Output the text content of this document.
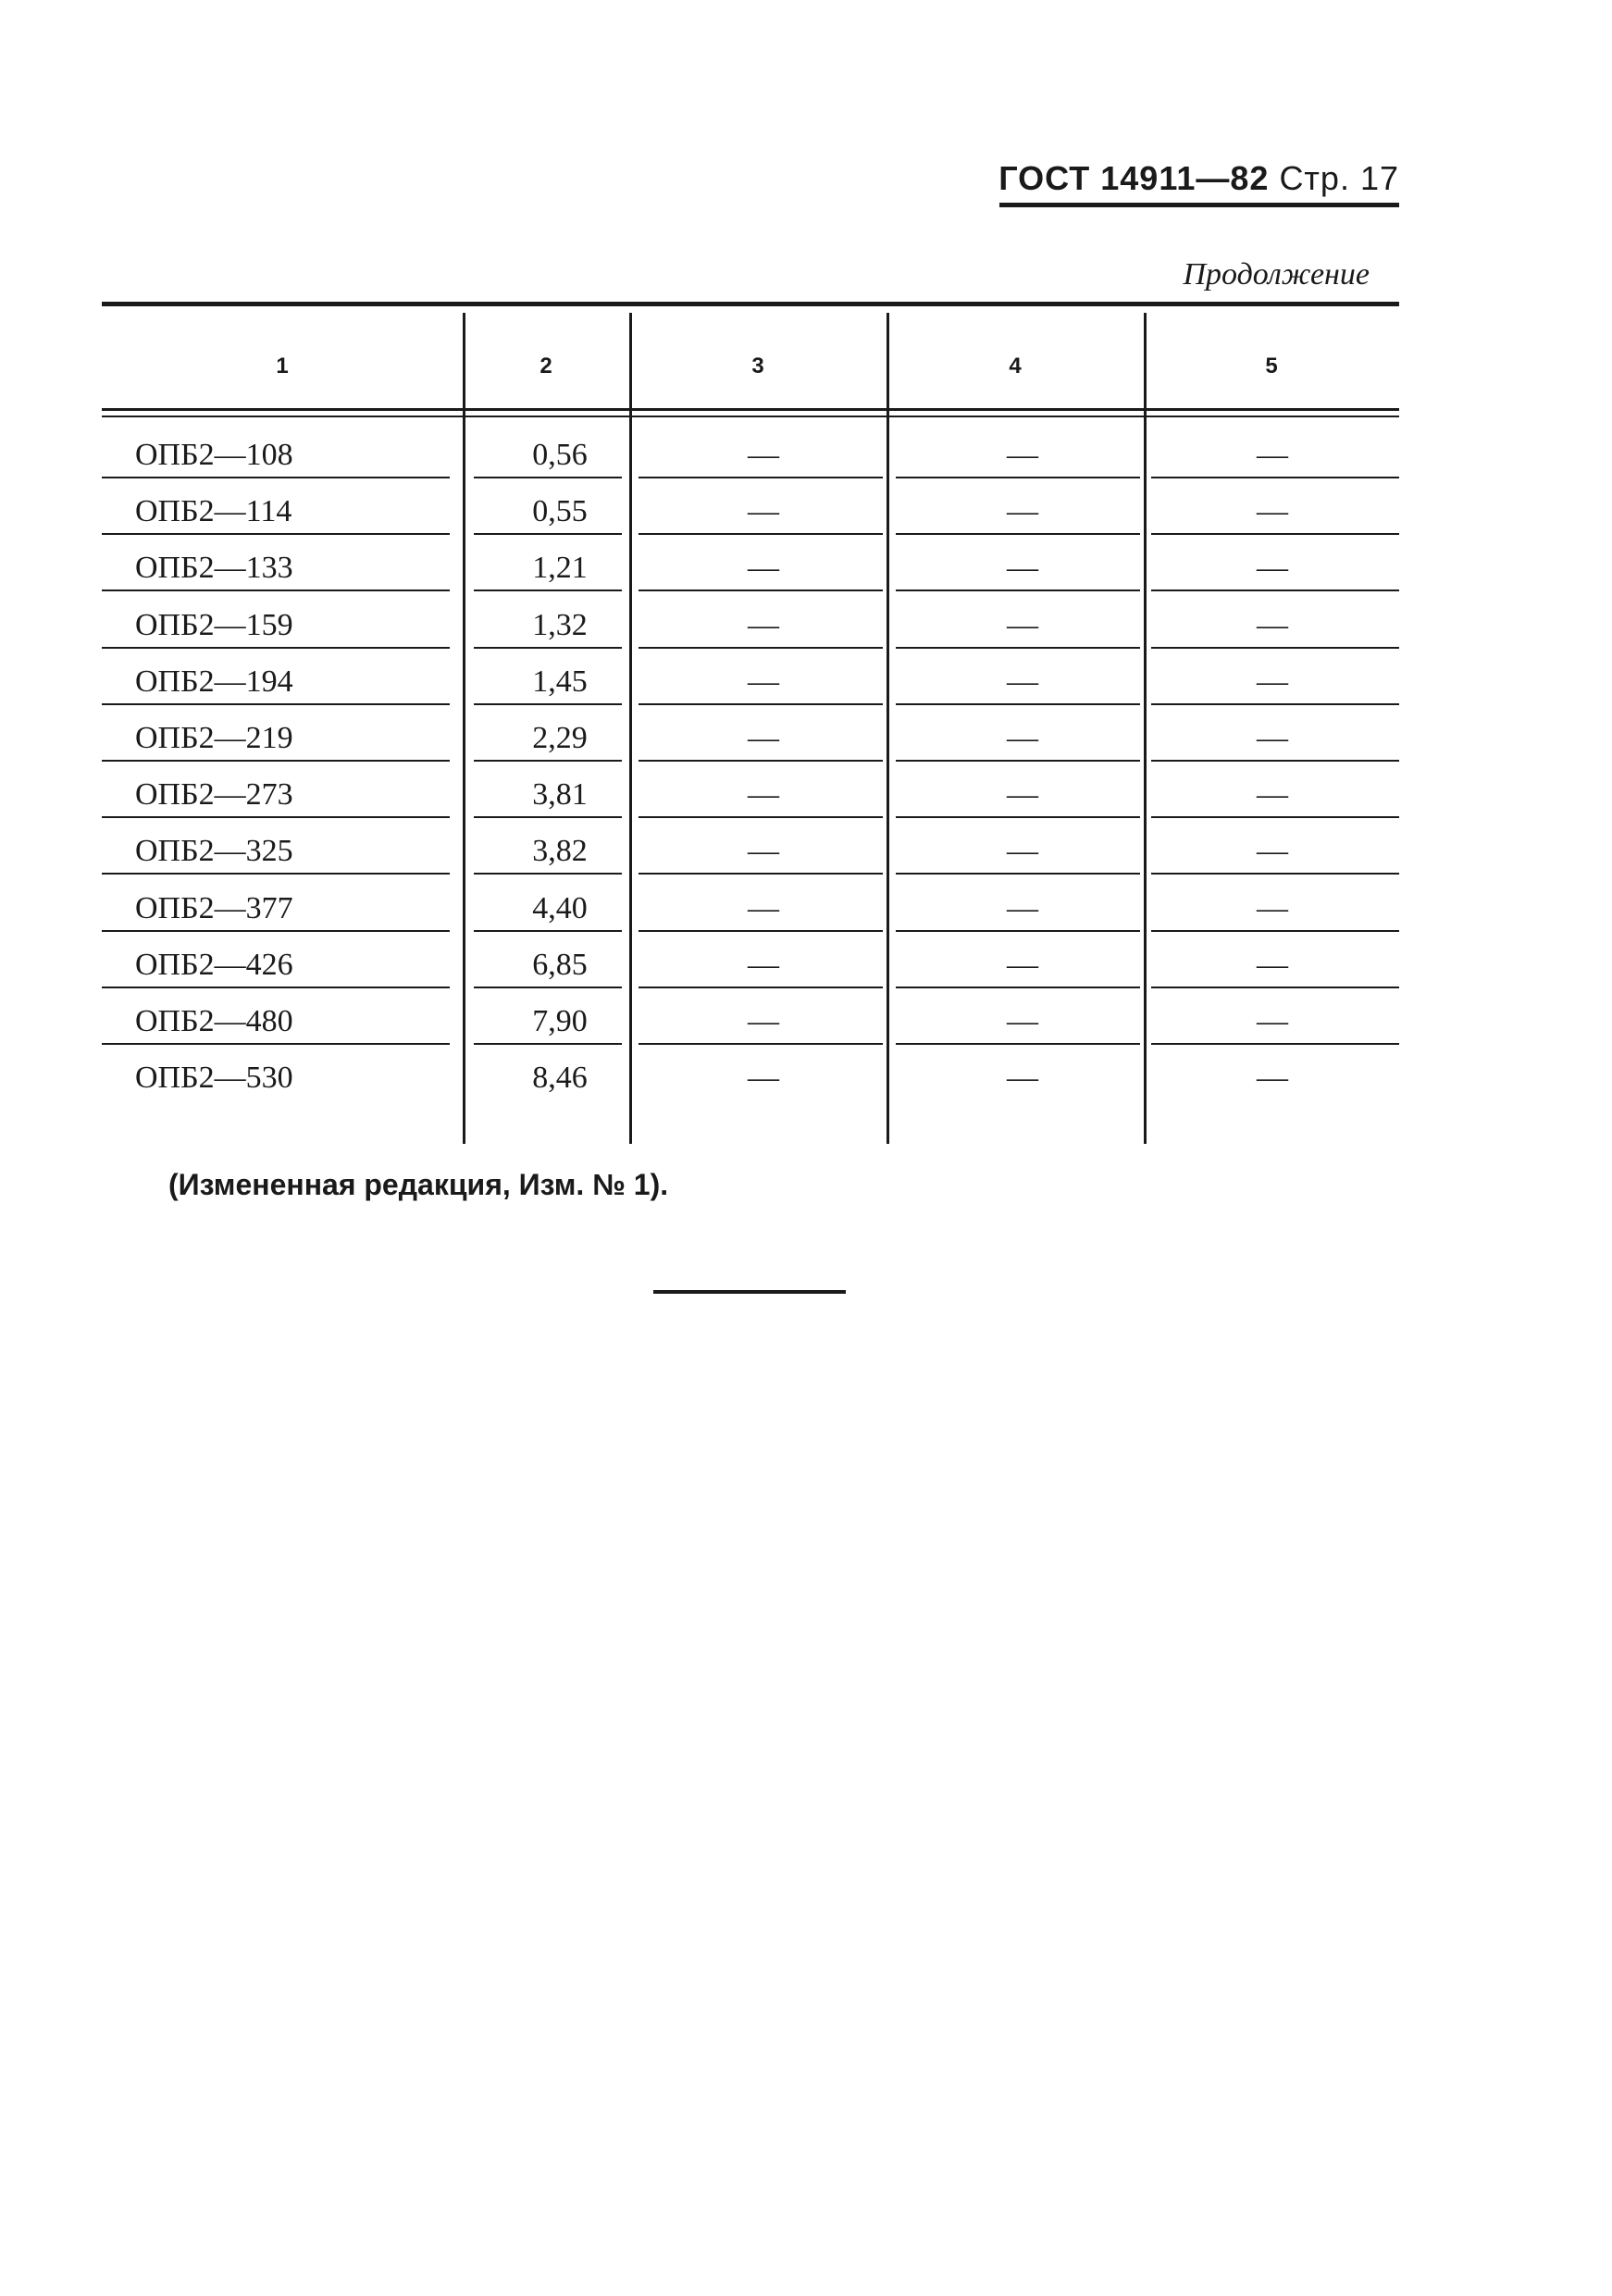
ГОСТ 14911—82 Стр. 17
Продолжение
1	2	3	4	5
ОПБ2—108	0,56	—	—	—
ОПБ2—114	0,55	—	—	—
ОПБ2—133	1,21	—	—	—
ОПБ2—159	1,32	—	—	—
ОПБ2—194	1,45	—	—	—
ОПБ2—219	2,29	—	—	—
ОПБ2—273	3,81	—	—	—
ОПБ2—325	3,82	—	—	—
ОПБ2—377	4,40	—	—	—
ОПБ2—426	6,85	—	—	—
ОПБ2—480	7,90	—	—	—
ОПБ2—530	8,46	—	—	—
(Измененная редакция, Изм. № 1).
